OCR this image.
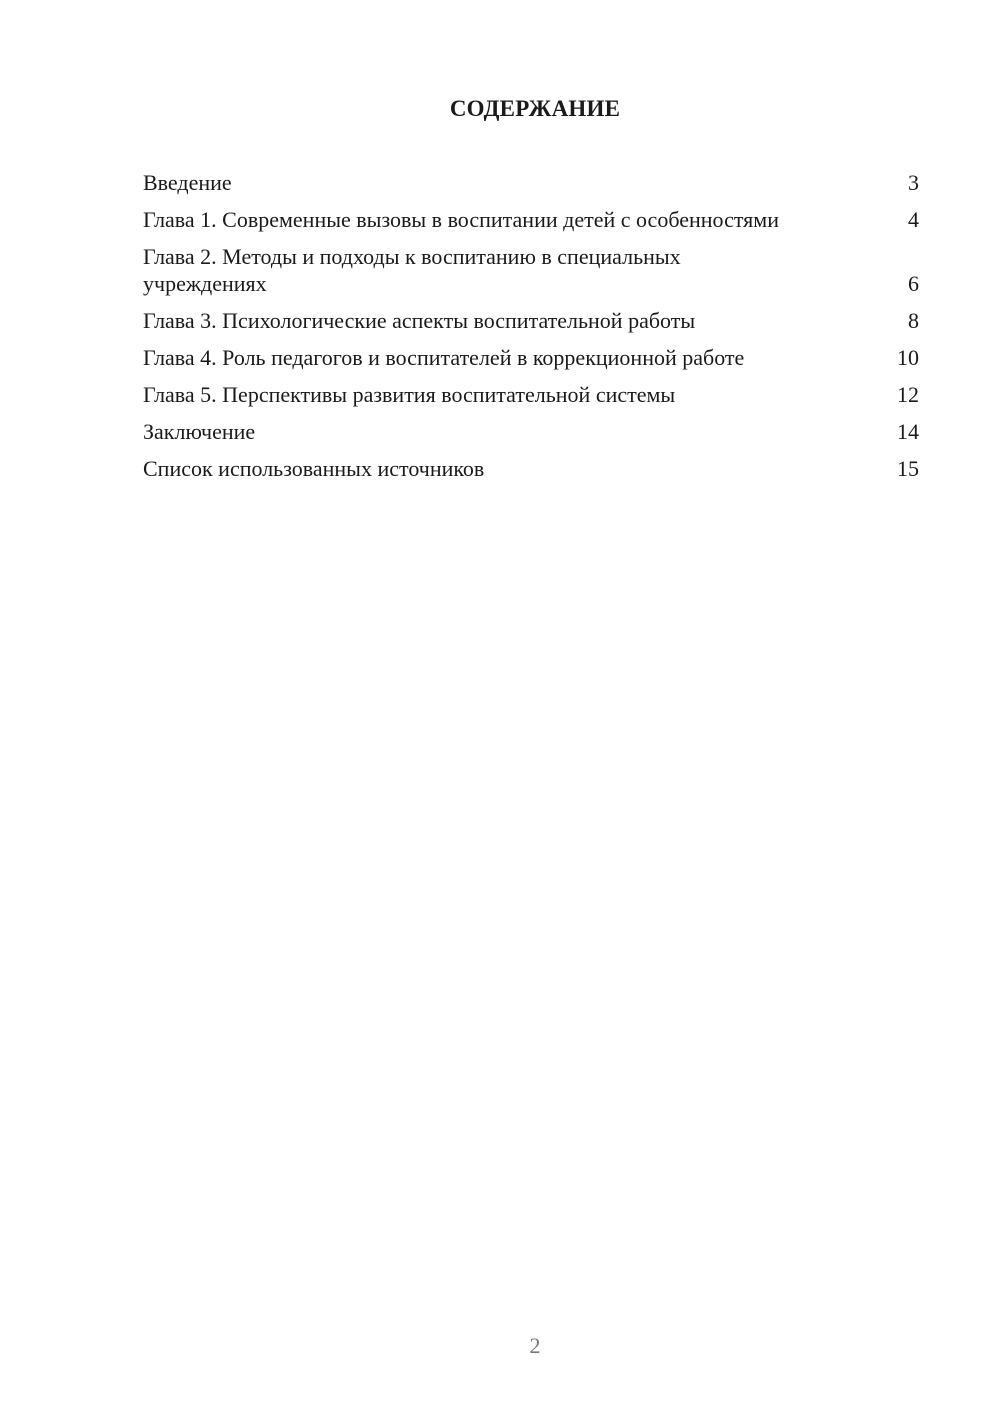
СОДЕРЖАНИЕ
Введение	3
Глава 1. Современные вызовы в воспитании детей с особенностями	4
Глава 2. Методы и подходы к воспитанию в специальных учреждениях	6
Глава 3. Психологические аспекты воспитательной работы	8
Глава 4. Роль педагогов и воспитателей в коррекционной работе	10
Глава 5. Перспективы развития воспитательной системы	12
Заключение	14
Список использованных источников	15
2
